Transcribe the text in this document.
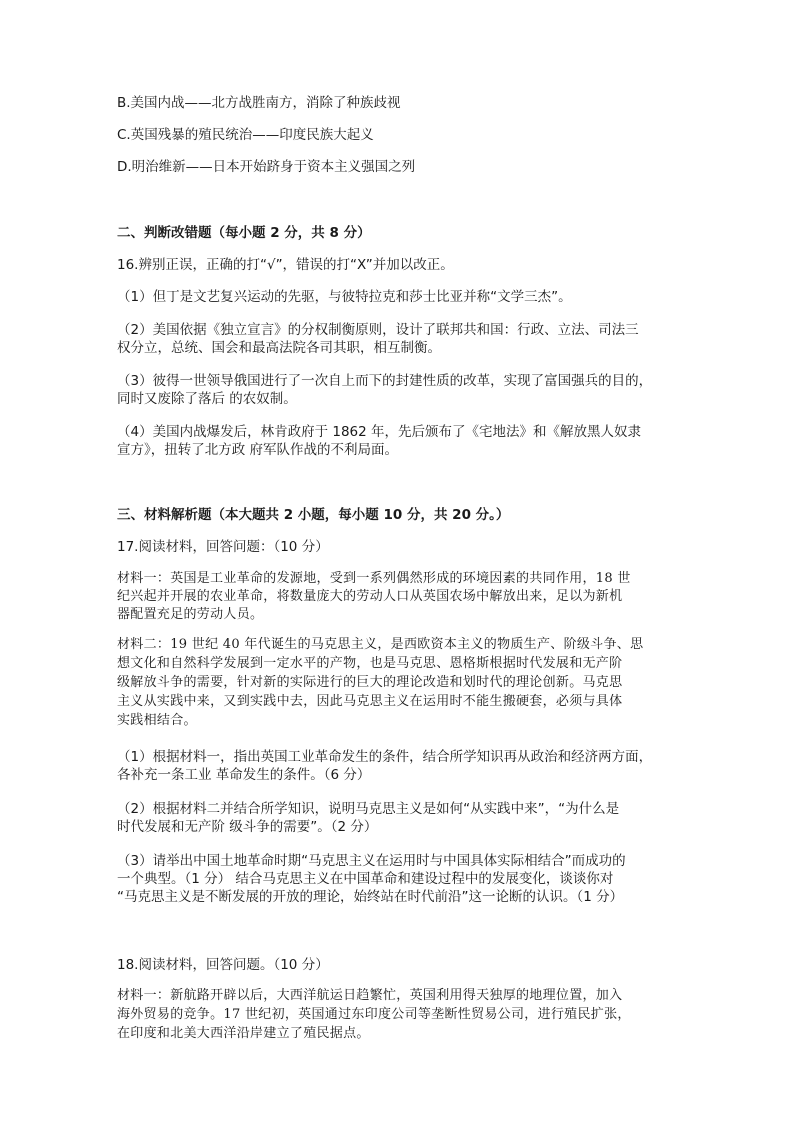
B.美国内战——北方战胜南方，消除了种族歧视

C.英国残暴的殖民统治——印度民族大起义

D.明治维新——日本开始跻身于资本主义强国之列

二、判断改错题（每小题 2 分，共 8 分）

16.辨别正误，正确的打“√”，错误的打“X”并加以改正。

（1）但丁是文艺复兴运动的先驱，与彼特拉克和莎士比亚并称“文学三杰”。

（2）美国依据《独立宣言》的分权制衡原则，设计了联邦共和国：行政、立法、司法三

权分立，总统、国会和最高法院各司其职，相互制衡。

（3）彼得一世领导俄国进行了一次自上而下的封建性质的改革，实现了富国强兵的目的，

同时又废除了落后 的农奴制。

（4）美国内战爆发后，林肯政府于 1862 年，先后颁布了《宅地法》和《解放黑人奴隶

宣方》，扭转了北方政 府军队作战的不利局面。

三、材料解析题（本大题共 2 小题，每小题 10 分，共 20 分。）

17.阅读材料，回答问题：（10 分）

材料一：英国是工业革命的发源地，受到一系列偶然形成的环境因素的共同作用，18 世

纪兴起并开展的农业革命，将数量庞大的劳动人口从英国农场中解放出来，足以为新机

器配置充足的劳动人员。

材料二：19 世纪 40 年代诞生的马克思主义，是西欧资本主义的物质生产、阶级斗争、思

想文化和自然科学发展到一定水平的产物，也是马克思、恩格斯根据时代发展和无产阶

级解放斗争的需要，针对新的实际进行的巨大的理论改造和划时代的理论创新。马克思

主义从实践中来，又到实践中去，因此马克思主义在运用时不能生搬硬套，必须与具体

实践相结合。

（1）根据材料一，指出英国工业革命发生的条件，结合所学知识再从政治和经济两方面，

各补充一条工业 革命发生的条件。（6 分）

（2）根据材料二并结合所学知识，说明马克思主义是如何“从实践中来”，“为什么是

时代发展和无产阶 级斗争的需要”。（2 分）

（3）请举出中国土地革命时期“马克思主义在运用时与中国具体实际相结合”而成功的

一个典型。（1 分） 结合马克思主义在中国革命和建设过程中的发展变化，谈谈你对

“马克思主义是不断发展的开放的理论，始终站在时代前沿”这一论断的认识。（1 分）

18.阅读材料，回答问题。（10 分）

材料一：新航路开辟以后，大西洋航运日趋繁忙，英国利用得天独厚的地理位置，加入

海外贸易的竞争。17 世纪初，英国通过东印度公司等垄断性贸易公司，进行殖民扩张，

在印度和北美大西洋沿岸建立了殖民据点。
